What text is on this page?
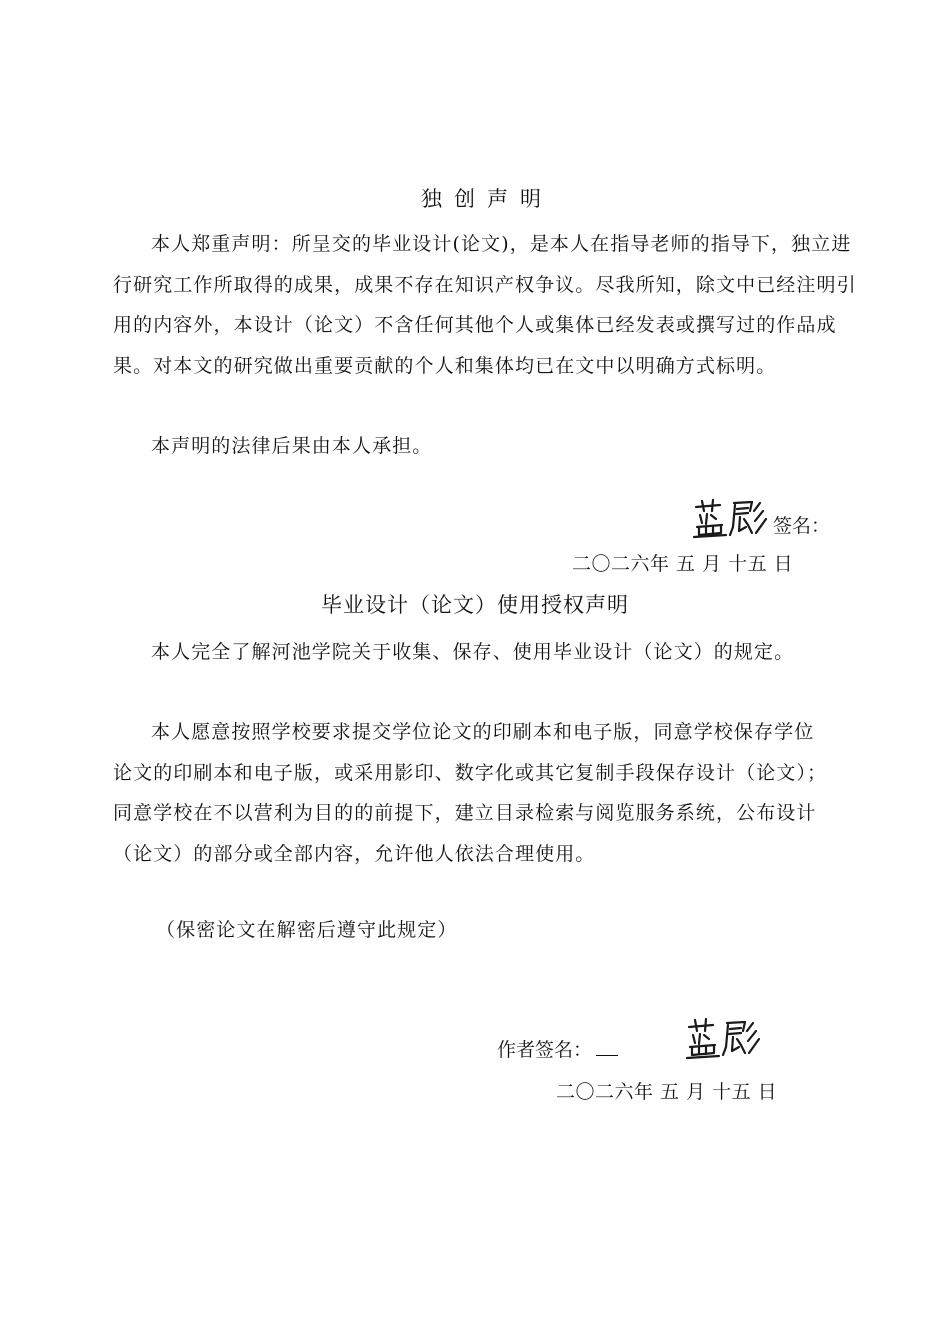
独创声明

本人郑重声明：所呈交的毕业设计(论文)，是本人在指导老师的指导下，独立进行研究工作所取得的成果，成果不存在知识产权争议。尽我所知，除文中已经注明引用的内容外，本设计（论文）不含任何其他个人或集体已经发表或撰写过的作品成果。对本文的研究做出重要贡献的个人和集体均已在文中以明确方式标明。

本声明的法律后果由本人承担。

签名：
二〇二六年 五 月 十五 日
毕业设计（论文）使用授权声明

本人完全了解河池学院关于收集、保存、使用毕业设计（论文）的规定。

本人愿意按照学校要求提交学位论文的印刷本和电子版，同意学校保存学位论文的印刷本和电子版，或采用影印、数字化或其它复制手段保存设计（论文）；同意学校在不以营利为目的的前提下，建立目录检索与阅览服务系统，公布设计（论文）的部分或全部内容，允许他人依法合理使用。

（保密论文在解密后遵守此规定）

作者签名：
二〇二六年 五 月 十五 日
